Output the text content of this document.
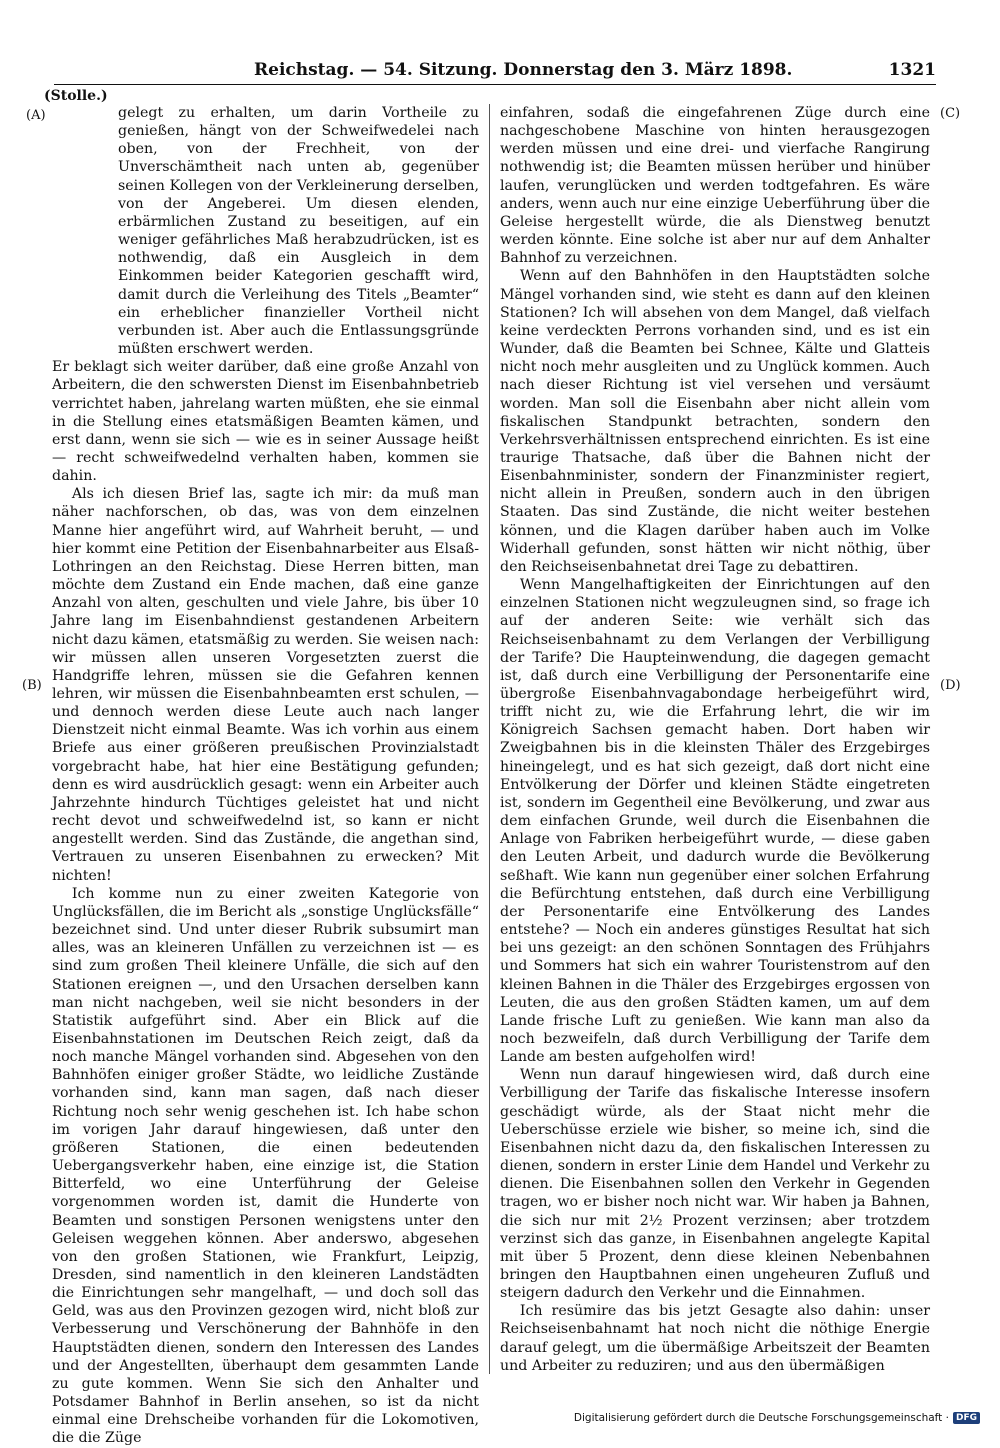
Reichstag. — 54. Sitzung. Donnerstag den 3. März 1898.	1321
(Stolle.)
(A)
(B)
(C)
(D)

gelegt zu erhalten, um darin Vortheile zu genießen, hängt von der Schweifwedelei nach oben, von der Frechheit, von der Unverschämtheit nach unten ab, gegenüber seinen Kollegen von der Verkleinerung derselben, von der Angeberei. Um diesen elenden, erbärmlichen Zustand zu beseitigen, auf ein weniger gefährliches Maß herabzudrücken, ist es nothwendig, daß ein Ausgleich in dem Einkommen beider Kategorien geschafft wird, damit durch die Verleihung des Titels „Beamter“ ein erheblicher finanzieller Vortheil nicht verbunden ist. Aber auch die Entlassungsgründe müßten erschwert werden.

Er beklagt sich weiter darüber, daß eine große Anzahl von Arbeitern, die den schwersten Dienst im Eisenbahnbetrieb verrichtet haben, jahrelang warten müßten, ehe sie einmal in die Stellung eines etatsmäßigen Beamten kämen, und erst dann, wenn sie sich — wie es in seiner Aussage heißt — recht schweifwedelnd verhalten haben, kommen sie dahin.

Als ich diesen Brief las, sagte ich mir: da muß man näher nachforschen, ob das, was von dem einzelnen Manne hier angeführt wird, auf Wahrheit beruht, — und hier kommt eine Petition der Eisenbahnarbeiter aus Elsaß-Lothringen an den Reichstag. Diese Herren bitten, man möchte dem Zustand ein Ende machen, daß eine ganze Anzahl von alten, geschulten und viele Jahre, bis über 10 Jahre lang im Eisenbahndienst gestandenen Arbeitern nicht dazu kämen, etatsmäßig zu werden. Sie weisen nach: wir müssen allen unseren Vorgesetzten zuerst die Handgriffe lehren, müssen sie die Gefahren kennen lehren, wir müssen die Eisenbahnbeamten erst schulen, — und dennoch werden diese Leute auch nach langer Dienstzeit nicht einmal Beamte. Was ich vorhin aus einem Briefe aus einer größeren preußischen Provinzialstadt vorgebracht habe, hat hier eine Bestätigung gefunden; denn es wird ausdrücklich gesagt: wenn ein Arbeiter auch Jahrzehnte hindurch Tüchtiges geleistet hat und nicht recht devot und schweifwedelnd ist, so kann er nicht angestellt werden. Sind das Zustände, die angethan sind, Vertrauen zu unseren Eisenbahnen zu erwecken? Mit nichten!

Ich komme nun zu einer zweiten Kategorie von Unglücksfällen, die im Bericht als „sonstige Unglücksfälle“ bezeichnet sind. Und unter dieser Rubrik subsumirt man alles, was an kleineren Unfällen zu verzeichnen ist — es sind zum großen Theil kleinere Unfälle, die sich auf den Stationen ereignen —, und den Ursachen derselben kann man nicht nachgeben, weil sie nicht besonders in der Statistik aufgeführt sind. Aber ein Blick auf die Eisenbahnstationen im Deutschen Reich zeigt, daß da noch manche Mängel vorhanden sind. Abgesehen von den Bahnhöfen einiger großer Städte, wo leidliche Zustände vorhanden sind, kann man sagen, daß nach dieser Richtung noch sehr wenig geschehen ist. Ich habe schon im vorigen Jahr darauf hingewiesen, daß unter den größeren Stationen, die einen bedeutenden Uebergangsverkehr haben, eine einzige ist, die Station Bitterfeld, wo eine Unterführung der Geleise vorgenommen worden ist, damit die Hunderte von Beamten und sonstigen Personen wenigstens unter den Geleisen weggehen können. Aber anderswo, abgesehen von den großen Stationen, wie Frankfurt, Leipzig, Dresden, sind namentlich in den kleineren Landstädten die Einrichtungen sehr mangelhaft, — und doch soll das Geld, was aus den Provinzen gezogen wird, nicht bloß zur Verbesserung und Verschönerung der Bahnhöfe in den Hauptstädten dienen, sondern den Interessen des Landes und der Angestellten, überhaupt dem gesammten Lande zu gute kommen. Wenn Sie sich den Anhalter und Potsdamer Bahnhof in Berlin ansehen, so ist da nicht einmal eine Drehscheibe vorhanden für die Lokomotiven, die die Züge

einfahren, sodaß die eingefahrenen Züge durch eine nachgeschobene Maschine von hinten herausgezogen werden müssen und eine drei- und vierfache Rangirung nothwendig ist; die Beamten müssen herüber und hinüber laufen, verunglücken und werden todtgefahren. Es wäre anders, wenn auch nur eine einzige Ueberführung über die Geleise hergestellt würde, die als Dienstweg benutzt werden könnte. Eine solche ist aber nur auf dem Anhalter Bahnhof zu verzeichnen.

Wenn auf den Bahnhöfen in den Hauptstädten solche Mängel vorhanden sind, wie steht es dann auf den kleinen Stationen? Ich will absehen von dem Mangel, daß vielfach keine verdeckten Perrons vorhanden sind, und es ist ein Wunder, daß die Beamten bei Schnee, Kälte und Glatteis nicht noch mehr ausgleiten und zu Unglück kommen. Auch nach dieser Richtung ist viel versehen und versäumt worden. Man soll die Eisenbahn aber nicht allein vom fiskalischen Standpunkt betrachten, sondern den Verkehrsverhältnissen entsprechend einrichten. Es ist eine traurige Thatsache, daß über die Bahnen nicht der Eisenbahnminister, sondern der Finanzminister regiert, nicht allein in Preußen, sondern auch in den übrigen Staaten. Das sind Zustände, die nicht weiter bestehen können, und die Klagen darüber haben auch im Volke Widerhall gefunden, sonst hätten wir nicht nöthig, über den Reichseisenbahnetat drei Tage zu debattiren.

Wenn Mangelhaftigkeiten der Einrichtungen auf den einzelnen Stationen nicht wegzuleugnen sind, so frage ich auf der anderen Seite: wie verhält sich das Reichseisenbahnamt zu dem Verlangen der Verbilligung der Tarife? Die Haupteinwendung, die dagegen gemacht ist, daß durch eine Verbilligung der Personentarife eine übergroße Eisenbahnvagabondage herbeigeführt wird, trifft nicht zu, wie die Erfahrung lehrt, die wir im Königreich Sachsen gemacht haben. Dort haben wir Zweigbahnen bis in die kleinsten Thäler des Erzgebirges hineingelegt, und es hat sich gezeigt, daß dort nicht eine Entvölkerung der Dörfer und kleinen Städte eingetreten ist, sondern im Gegentheil eine Bevölkerung, und zwar aus dem einfachen Grunde, weil durch die Eisenbahnen die Anlage von Fabriken herbeigeführt wurde, — diese gaben den Leuten Arbeit, und dadurch wurde die Bevölkerung seßhaft. Wie kann nun gegenüber einer solchen Erfahrung die Befürchtung entstehen, daß durch eine Verbilligung der Personentarife eine Entvölkerung des Landes entstehe? — Noch ein anderes günstiges Resultat hat sich bei uns gezeigt: an den schönen Sonntagen des Frühjahrs und Sommers hat sich ein wahrer Touristenstrom auf den kleinen Bahnen in die Thäler des Erzgebirges ergossen von Leuten, die aus den großen Städten kamen, um auf dem Lande frische Luft zu genießen. Wie kann man also da noch bezweifeln, daß durch Verbilligung der Tarife dem Lande am besten aufgeholfen wird!

Wenn nun darauf hingewiesen wird, daß durch eine Verbilligung der Tarife das fiskalische Interesse insofern geschädigt würde, als der Staat nicht mehr die Ueberschüsse erziele wie bisher, so meine ich, sind die Eisenbahnen nicht dazu da, den fiskalischen Interessen zu dienen, sondern in erster Linie dem Handel und Verkehr zu dienen. Die Eisenbahnen sollen den Verkehr in Gegenden tragen, wo er bisher noch nicht war. Wir haben ja Bahnen, die sich nur mit 2½ Prozent verzinsen; aber trotzdem verzinst sich das ganze, in Eisenbahnen angelegte Kapital mit über 5 Prozent, denn diese kleinen Nebenbahnen bringen den Hauptbahnen einen ungeheuren Zufluß und steigern dadurch den Verkehr und die Einnahmen.

Ich resümire das bis jetzt Gesagte also dahin: unser Reichseisenbahnamt hat noch nicht die nöthige Energie darauf gelegt, um die übermäßige Arbeitszeit der Beamten und Arbeiter zu reduziren; und aus den übermäßigen

Digitalisierung gefördert durch die Deutsche Forschungsgemeinschaft · DFG
